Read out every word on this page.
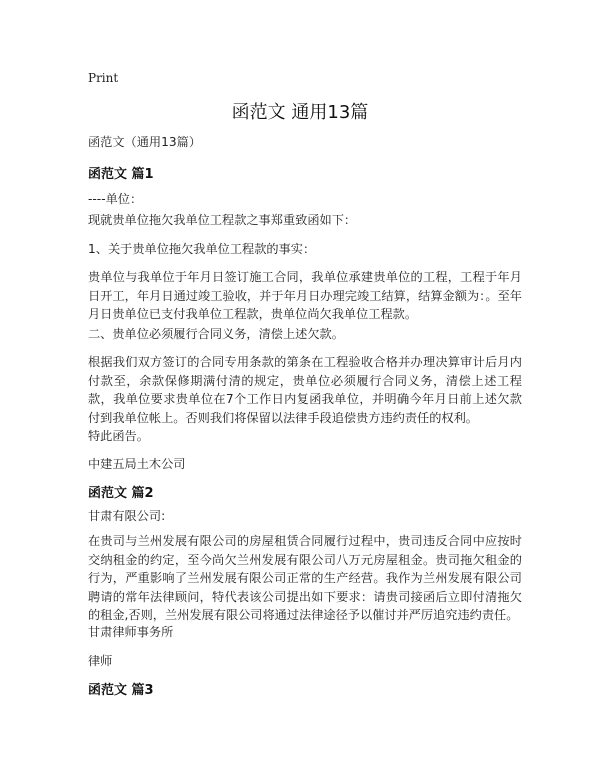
Print
函范文 通用13篇

函范文（通用13篇）

函范文 篇1

----单位：

现就贵单位拖欠我单位工程款之事郑重致函如下：

1、关于贵单位拖欠我单位工程款的事实：

贵单位与我单位于年月日签订施工合同，我单位承建贵单位的工程，工程于年月日开工，年月日通过竣工验收，并于年月日办理完竣工结算，结算金额为：。至年月日贵单位已支付我单位工程款，贵单位尚欠我单位工程款。

二、贵单位必须履行合同义务，清偿上述欠款。

根据我们双方签订的合同专用条款的第条在工程验收合格并办理决算审计后月内付款至，余款保修期满付清的规定，贵单位必须履行合同义务，清偿上述工程款，我单位要求贵单位在7个工作日内复函我单位，并明确今年月日前上述欠款付到我单位帐上。否则我们将保留以法律手段追偿贵方违约责任的权利。

特此函告。

中建五局土木公司

函范文 篇2

甘肃有限公司:

在贵司与兰州发展有限公司的房屋租赁合同履行过程中，贵司违反合同中应按时交纳租金的约定，至今尚欠兰州发展有限公司八万元房屋租金。贵司拖欠租金的行为，严重影响了兰州发展有限公司正常的生产经营。我作为兰州发展有限公司聘请的常年法律顾问，特代表该公司提出如下要求：请贵司接函后立即付清拖欠的租金,否则，兰州发展有限公司将通过法律途径予以催讨并严厉追究违约责任。

甘肃律师事务所

律师

函范文 篇3
